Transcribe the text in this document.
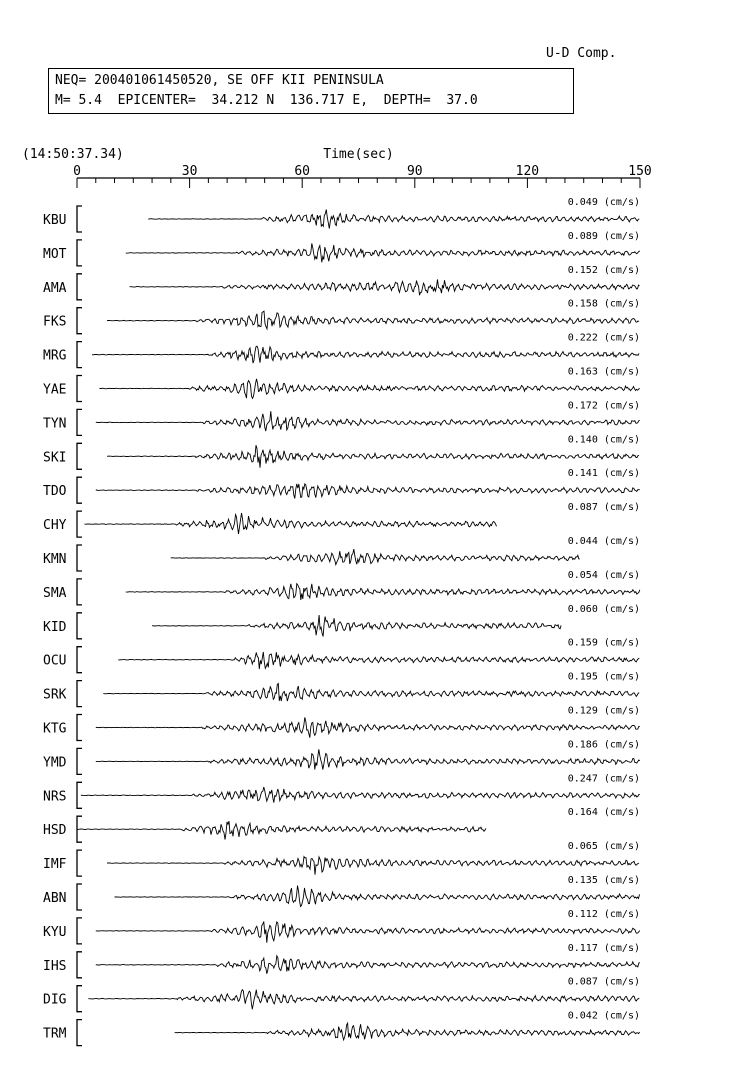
U-D Comp.
NEQ= 200401061450520, SE OFF KII PENINSULA
M= 5.4  EPICENTER=  34.212 N  136.717 E,  DEPTH=  37.0
(14:50:37.34)	Time(sec)
0	30	60	90	120	150
KBU
0.049 (cm/s)
MOT
0.089 (cm/s)
AMA
0.152 (cm/s)
FKS
0.158 (cm/s)
MRG
0.222 (cm/s)
YAE
0.163 (cm/s)
TYN
0.172 (cm/s)
SKI
0.140 (cm/s)
TDO
0.141 (cm/s)
CHY
0.087 (cm/s)
KMN
0.044 (cm/s)
SMA
0.054 (cm/s)
KID
0.060 (cm/s)
OCU
0.159 (cm/s)
SRK
0.195 (cm/s)
KTG
0.129 (cm/s)
YMD
0.186 (cm/s)
NRS
0.247 (cm/s)
HSD
0.164 (cm/s)
IMF
0.065 (cm/s)
ABN
0.135 (cm/s)
KYU
0.112 (cm/s)
IHS
0.117 (cm/s)
DIG
0.087 (cm/s)
TRM
0.042 (cm/s)
